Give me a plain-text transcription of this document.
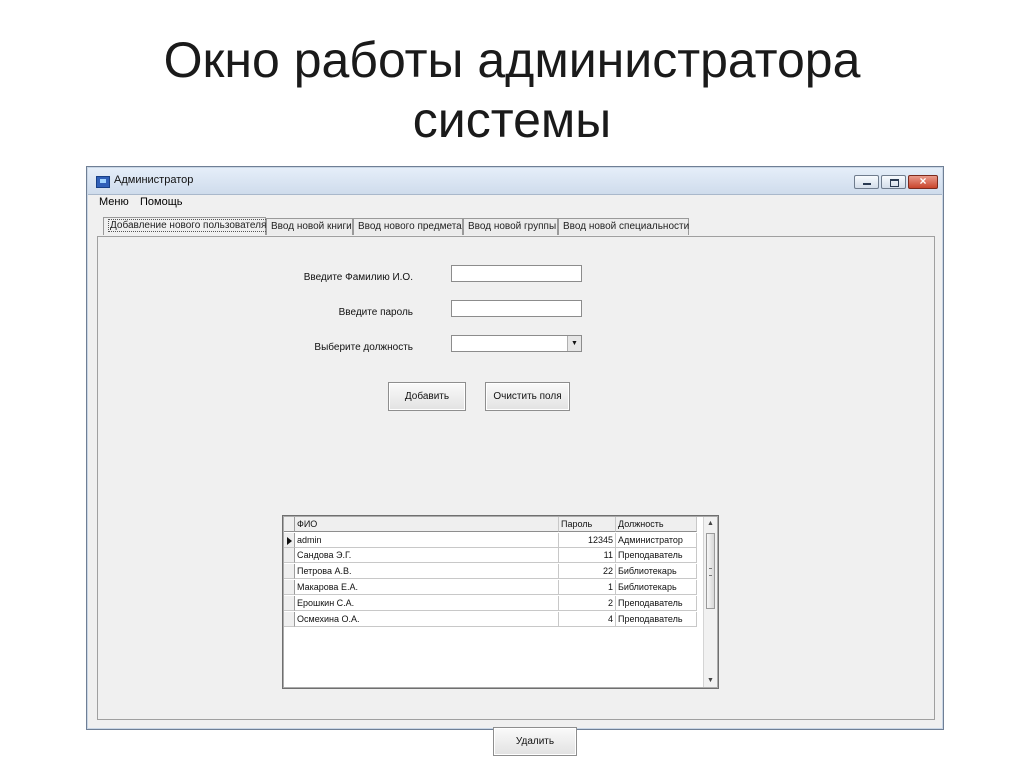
Окно работы администратора
системы
Администратор	×
Меню Помощь
Добавление нового пользователя Ввод новой книги Ввод нового предмета Ввод новой группы Ввод новой специальности
Введите Фамилию И.О.
Введите пароль
Выберите должность	▼
Добавить	Очистить поля
ФИО	Пароль	Должность
admin	12345 Администратор
Сандова Э.Г.	11 Преподаватель
Петрова А.В.	22 Библиотекарь
Макарова Е.А.	1 Библиотекарь
Ерошкин С.А.	2 Преподаватель
Осмехина О.А.	4 Преподаватель
▲
▼
Удалить
